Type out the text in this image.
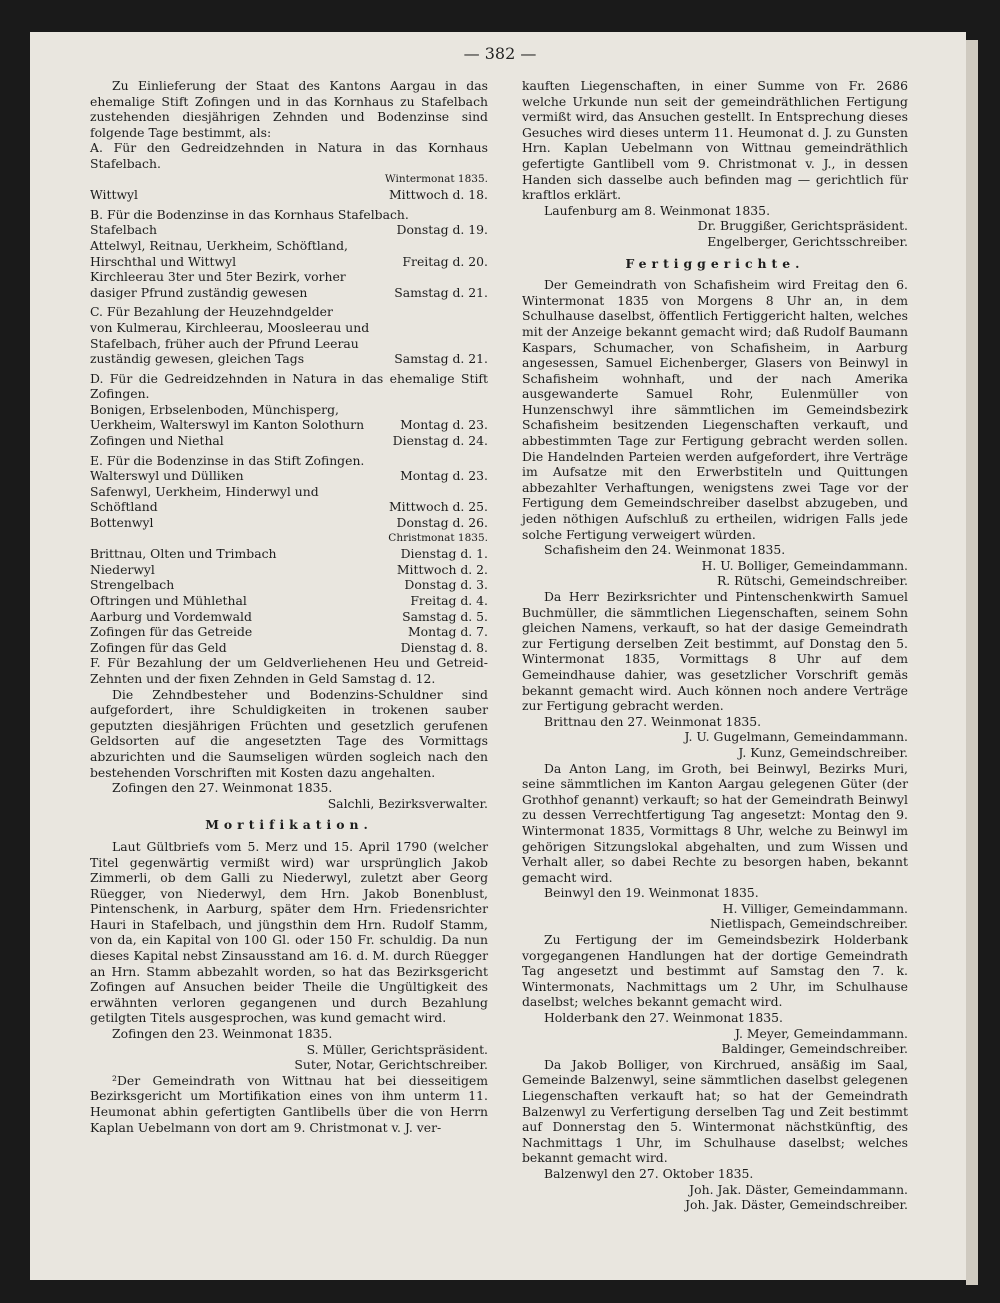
— 382 —

Zu Einlieferung der Staat des Kantons Aargau in das ehemalige Stift Zofingen und in das Kornhaus zu Stafelbach zustehenden diesjährigen Zehnden und Bodenzinse sind folgende Tage bestimmt, als:

A. Für den Gedreidzehnden in Natura in das Kornhaus Stafelbach.

Wintermonat 1835.

Wittwyl	Mittwoch d. 18.

B. Für die Bodenzinse in das Kornhaus Stafelbach.

Stafelbach	Donstag d. 19.
Attelwyl, Reitnau, Uerkheim, Schöftland, Hirschthal und Wittwyl	Freitag d. 20.
Kirchleerau 3ter und 5ter Bezirk, vorher dasiger Pfrund zuständig gewesen	Samstag d. 21.

C. Für Bezahlung der Heuzehndgelder

von Kulmerau, Kirchleerau, Moosleerau und Stafelbach, früher auch der Pfrund Leerau zuständig gewesen, gleichen Tags	Samstag d. 21.

D. Für die Gedreidzehnden in Natura in das ehemalige Stift Zofingen.

Bonigen, Erbselenboden, Münchisperg, Uerkheim, Walterswyl im Kanton Solothurn	Montag d. 23.
Zofingen und Niethal	Dienstag d. 24.

E. Für die Bodenzinse in das Stift Zofingen.

Walterswyl und Dülliken	Montag d. 23.
Safenwyl, Uerkheim, Hinderwyl und Schöftland	Mittwoch d. 25.
Bottenwyl	Donstag d. 26.

Christmonat 1835.

Brittnau, Olten und Trimbach	Dienstag d. 1.
Niederwyl	Mittwoch d. 2.
Strengelbach	Donstag d. 3.
Oftringen und Mühlethal	Freitag d. 4.
Aarburg und Vordemwald	Samstag d. 5.
Zofingen für das Getreide	Montag d. 7.
Zofingen für das Geld	Dienstag d. 8.

F. Für Bezahlung der um Geldverliehenen Heu und Getreid-Zehnten und der fixen Zehnden in Geld Samstag d. 12.

Die Zehndbesteher und Bodenzins-Schuldner sind aufgefordert, ihre Schuldigkeiten in trokenen sauber geputzten diesjährigen Früchten und gesetzlich gerufenen Geldsorten auf die angesetzten Tage des Vormittags abzurichten und die Saumseligen würden sogleich nach den bestehenden Vorschriften mit Kosten dazu angehalten.

Zofingen den 27. Weinmonat 1835.

Salchli, Bezirksverwalter.

Mortifikation.

Laut Gültbriefs vom 5. Merz und 15. April 1790 (welcher Titel gegenwärtig vermißt wird) war ursprünglich Jakob Zimmerli, ob dem Galli zu Niederwyl, zuletzt aber Georg Rüegger, von Niederwyl, dem Hrn. Jakob Bonenblust, Pintenschenk, in Aarburg, später dem Hrn. Friedensrichter Hauri in Stafelbach, und jüngsthin dem Hrn. Rudolf Stamm, von da, ein Kapital von 100 Gl. oder 150 Fr. schuldig. Da nun dieses Kapital nebst Zinsausstand am 16. d. M. durch Rüegger an Hrn. Stamm abbezahlt worden, so hat das Bezirksgericht Zofingen auf Ansuchen beider Theile die Ungültigkeit des erwähnten verloren gegangenen und durch Bezahlung getilgten Titels ausgesprochen, was kund gemacht wird.

Zofingen den 23. Weinmonat 1835.

S. Müller, Gerichtspräsident.

Suter, Notar, Gerichtschreiber.

²Der Gemeindrath von Wittnau hat bei diesseitigem Bezirksgericht um Mortifikation eines von ihm unterm 11. Heumonat abhin gefertigten Gantlibells über die von Herrn Kaplan Uebelmann von dort am 9. Christmonat v. J. ver-

kauften Liegenschaften, in einer Summe von Fr. 2686 welche Urkunde nun seit der gemeindräthlichen Fertigung vermißt wird, das Ansuchen gestellt. In Entsprechung dieses Gesuches wird dieses unterm 11. Heumonat d. J. zu Gunsten Hrn. Kaplan Uebelmann von Wittnau gemeindräthlich gefertigte Gantlibell vom 9. Christmonat v. J., in dessen Handen sich dasselbe auch befinden mag — gerichtlich für kraftlos erklärt.

Laufenburg am 8. Weinmonat 1835.

Dr. Bruggißer, Gerichtspräsident.

Engelberger, Gerichtsschreiber.

Fertiggerichte.

Der Gemeindrath von Schafisheim wird Freitag den 6. Wintermonat 1835 von Morgens 8 Uhr an, in dem Schulhause daselbst, öffentlich Fertiggericht halten, welches mit der Anzeige bekannt gemacht wird; daß Rudolf Baumann Kaspars, Schumacher, von Schafisheim, in Aarburg angesessen, Samuel Eichenberger, Glasers von Beinwyl in Schafisheim wohnhaft, und der nach Amerika ausgewanderte Samuel Rohr, Eulenmüller von Hunzenschwyl ihre sämmtlichen im Gemeindsbezirk Schafisheim besitzenden Liegenschaften verkauft, und abbestimmten Tage zur Fertigung gebracht werden sollen. Die Handelnden Parteien werden aufgefordert, ihre Verträge im Aufsatze mit den Erwerbstiteln und Quittungen abbezahlter Verhaftungen, wenigstens zwei Tage vor der Fertigung dem Gemeindschreiber daselbst abzugeben, und jeden nöthigen Aufschluß zu ertheilen, widrigen Falls jede solche Fertigung verweigert würden.

Schafisheim den 24. Weinmonat 1835.

H. U. Bolliger, Gemeindammann.

R. Rütschi, Gemeindschreiber.

Da Herr Bezirksrichter und Pintenschenkwirth Samuel Buchmüller, die sämmtlichen Liegenschaften, seinem Sohn gleichen Namens, verkauft, so hat der dasige Gemeindrath zur Fertigung derselben Zeit bestimmt, auf Donstag den 5. Wintermonat 1835, Vormittags 8 Uhr auf dem Gemeindhause dahier, was gesetzlicher Vorschrift gemäs bekannt gemacht wird. Auch können noch andere Verträge zur Fertigung gebracht werden.

Brittnau den 27. Weinmonat 1835.

J. U. Gugelmann, Gemeindammann.

J. Kunz, Gemeindschreiber.

Da Anton Lang, im Groth, bei Beinwyl, Bezirks Muri, seine sämmtlichen im Kanton Aargau gelegenen Güter (der Grothhof genannt) verkauft; so hat der Gemeindrath Beinwyl zu dessen Verrechtfertigung Tag angesetzt: Montag den 9. Wintermonat 1835, Vormittags 8 Uhr, welche zu Beinwyl im gehörigen Sitzungslokal abgehalten, und zum Wissen und Verhalt aller, so dabei Rechte zu besorgen haben, bekannt gemacht wird.

Beinwyl den 19. Weinmonat 1835.

H. Villiger, Gemeindammann.

Nietlispach, Gemeindschreiber.

Zu Fertigung der im Gemeindsbezirk Holderbank vorgegangenen Handlungen hat der dortige Gemeindrath Tag angesetzt und bestimmt auf Samstag den 7. k. Wintermonats, Nachmittags um 2 Uhr, im Schulhause daselbst; welches bekannt gemacht wird.

Holderbank den 27. Weinmonat 1835.

J. Meyer, Gemeindammann.

Baldinger, Gemeindschreiber.

Da Jakob Bolliger, von Kirchrued, ansäßig im Saal, Gemeinde Balzenwyl, seine sämmtlichen daselbst gelegenen Liegenschaften verkauft hat; so hat der Gemeindrath Balzenwyl zu Verfertigung derselben Tag und Zeit bestimmt auf Donnerstag den 5. Wintermonat nächstkünftig, des Nachmittags 1 Uhr, im Schulhause daselbst; welches bekannt gemacht wird.

Balzenwyl den 27. Oktober 1835.

Joh. Jak. Däster, Gemeindammann.

Joh. Jak. Däster, Gemeindschreiber.
